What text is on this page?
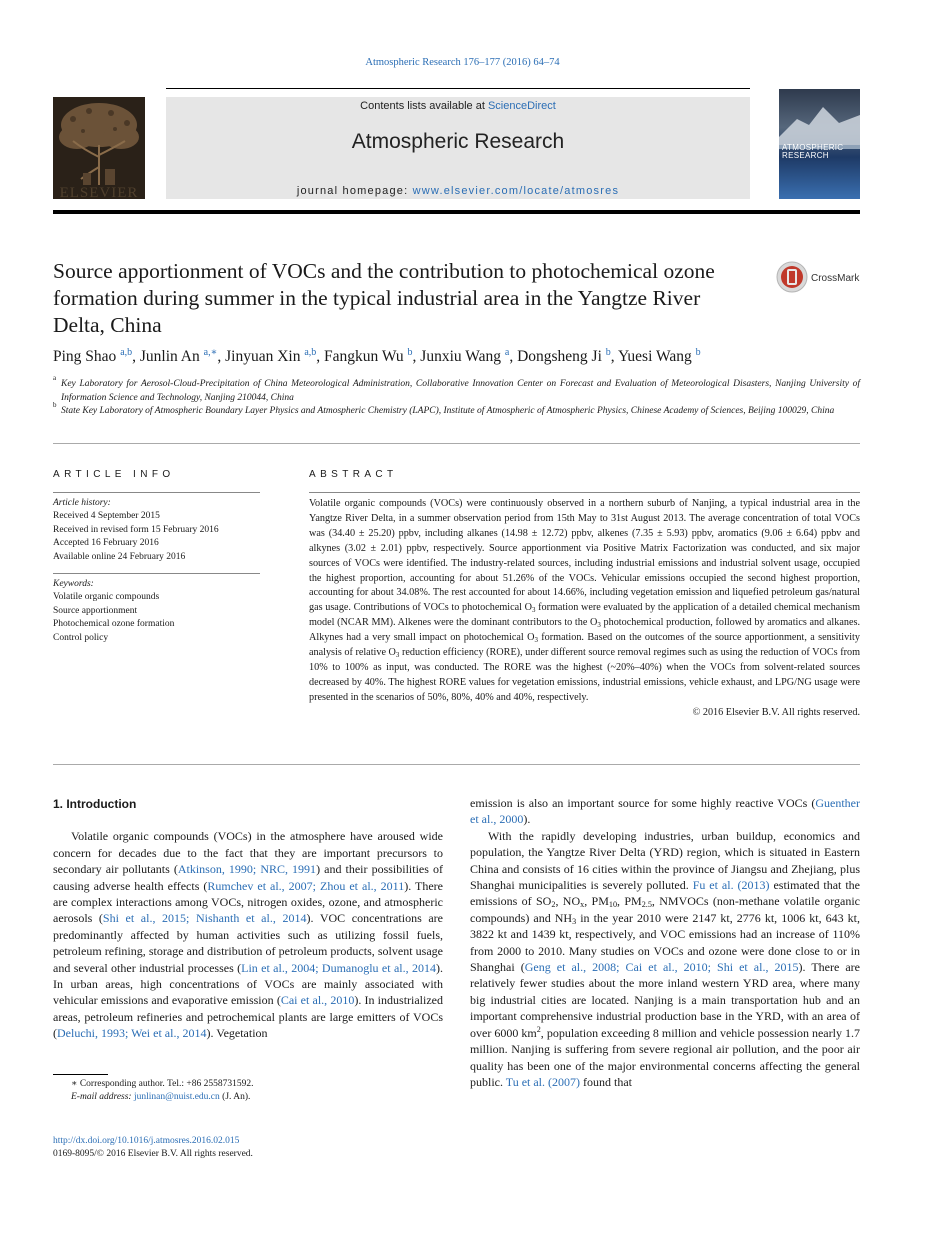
Atmospheric Research 176–177 (2016) 64–74
ELSEVIER
Contents lists available at ScienceDirect
Atmospheric Research
journal homepage: www.elsevier.com/locate/atmosres
ATMOSPHERIC
RESEARCH
Source apportionment of VOCs and the contribution to photochemical ozone formation during summer in the typical industrial area in the Yangtze River Delta, China
CrossMark
Ping Shao $^{a,b}$, Junlin An $^{a,∗}$, Jinyuan Xin $^{a,b}$, Fangkun Wu $^b$, Junxiu Wang $^a$, Dongsheng Ji $^b$, Yuesi Wang $^b$
a
Key Laboratory for Aerosol-Cloud-Precipitation of China Meteorological Administration, Collaborative Innovation Center on Forecast and Evaluation of Meteorological Disasters, Nanjing University of Information Science and Technology, Nanjing 210044, China
b
State Key Laboratory of Atmospheric Boundary Layer Physics and Atmospheric Chemistry (LAPC), Institute of Atmospheric of Atmospheric Physics, Chinese Academy of Sciences, Beijing 100029, China
ARTICLE INFO	ABSTRACT
Article history:
Received 4 September 2015
Received in revised form 15 February 2016
Accepted 16 February 2016
Available online 24 February 2016
Keywords:
Volatile organic compounds
Source apportionment
Photochemical ozone formation
Control policy
Volatile organic compounds (VOCs) were continuously observed in a northern suburb of Nanjing, a typical industrial area in the Yangtze River Delta, in a summer observation period from 15th May to 31st August 2013. The average concentration of total VOCs was (34.40 ± 25.20) ppbv, including alkanes (14.98 ± 12.72) ppbv, alkenes (7.35 ± 5.93) ppbv, aromatics (9.06 ± 6.64) ppbv and alkynes (3.02 ± 2.01) ppbv, respectively. Source apportionment via Positive Matrix Factorization was conducted, and six major sources of VOCs were identified. The industry-related sources, including industrial emissions and industrial solvent usage, occupied the highest proportion, accounting for about 51.26% of the VOCs. Vehicular emissions occupied the second highest proportion, accounting for about 34.08%. The rest accounted for about 14.66%, including vegetation emission and liquefied petroleum gas/natural gas usage. Contributions of VOCs to photochemical $O_3$ formation were evaluated by the application of a detailed chemical mechanism model (NCAR MM). Alkenes were the dominant contributors to the $O_3$ photochemical production, followed by aromatics and alkanes. Alkynes had a very small impact on photochemical $O_3$ formation. Based on the outcomes of the source apportionment, a sensitivity analysis of relative $O_3$ reduction efficiency (RORE), under different source removal regimes such as using the reduction of VOCs from 10% to 100% as input, was conducted. The RORE was the highest (~20%–40%) when the VOCs from solvent-related sources decreased by 40%. The highest RORE values for vegetation emissions, industrial emissions, vehicle exhaust, and LPG/NG usage were presented in the scenarios of 50%, 80%, 40% and 40%, respectively.
© 2016 Elsevier B.V. All rights reserved.
1. Introduction

Volatile organic compounds (VOCs) in the atmosphere have aroused wide concern for decades due to the fact that they are important precursors to secondary air pollutants (Atkinson, 1990; NRC, 1991) and their possibilities of causing adverse health effects (Rumchev et al., 2007; Zhou et al., 2011). There are complex interactions among VOCs, nitrogen oxides, ozone, and atmospheric aerosols (Shi et al., 2015; Nishanth et al., 2014). VOC concentrations are predominantly affected by human activities such as utilizing fossil fuels, petroleum refining, storage and distribution of petroleum products, solvent usage and several other industrial processes (Lin et al., 2004; Dumanoglu et al., 2014). In urban areas, high concentrations of VOCs are mainly associated with vehicular emissions and evaporative emission (Cai et al., 2010). In industrialized areas, petroleum refineries and petrochemical plants are large emitters of VOCs (Deluchi, 1993; Wei et al., 2014). Vegetation

emission is also an important source for some highly reactive VOCs (Guenther et al., 2000).

With the rapidly developing industries, urban buildup, economics and population, the Yangtze River Delta (YRD) region, which is situated in Eastern China and consists of 16 cities within the province of Jiangsu and Zhejiang, plus Shanghai municipalities is severely polluted. Fu et al. (2013) estimated that the emissions of $SO_2$, $NO_x$, $PM_{10}$, $PM_{2.5}$, NMVOCs (non-methane volatile organic compounds) and $NH_3$ in the year 2010 were 2147 kt, 2776 kt, 1006 kt, 643 kt, 3822 kt and 1439 kt, respectively, and VOC emissions had an increase of 110% from 2000 to 2010. Many studies on VOCs and ozone were done close to or in Shanghai (Geng et al., 2008; Cai et al., 2010; Shi et al., 2015). There are relatively fewer studies about the more inland western YRD area, where many big industrial cities are located. Nanjing is a main transportation hub and an important comprehensive industrial production base in the YRD, with an area of over 6000 $km^2$, population exceeding 8 million and vehicle possession nearly 1.7 million. Nanjing is suffering from severe regional air pollution, and the poor air quality has been one of the major environmental concerns affecting the general public. Tu et al. (2007) found that

∗ Corresponding author. Tel.: +86 2558731592.
E-mail address: junlinan@nuist.edu.cn (J. An).
http://dx.doi.org/10.1016/j.atmosres.2016.02.015
0169-8095/© 2016 Elsevier B.V. All rights reserved.
